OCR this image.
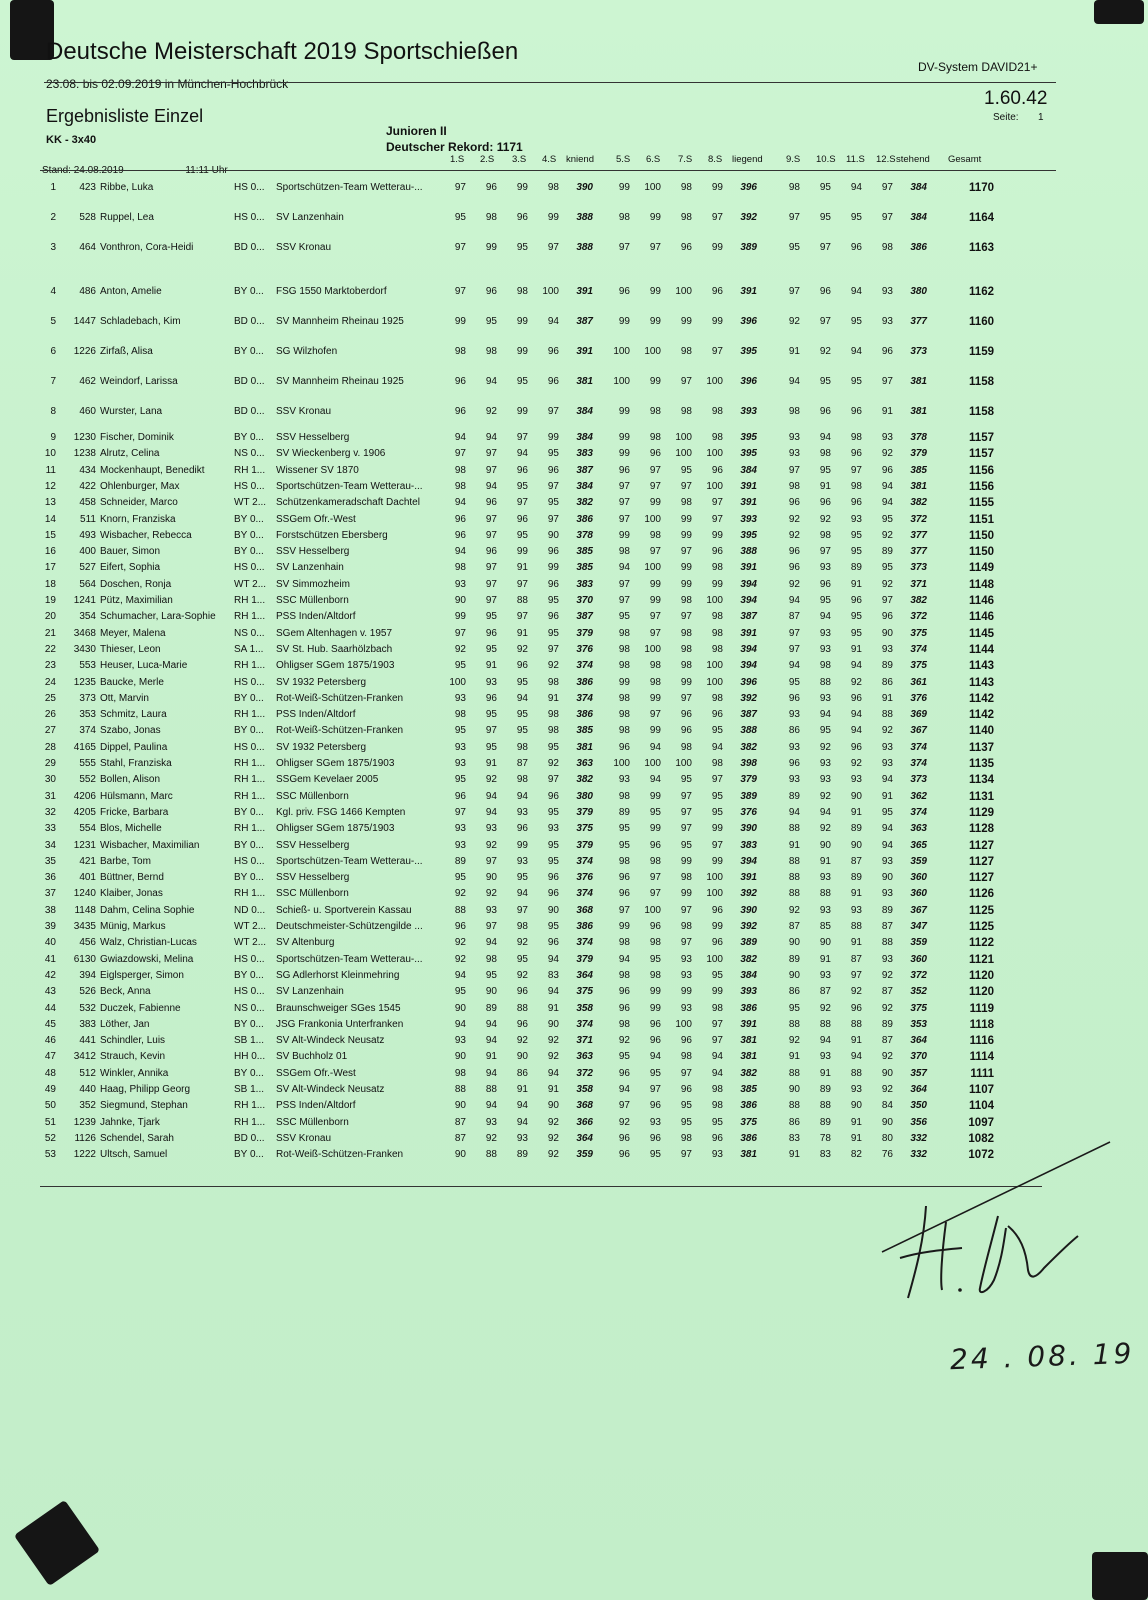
Deutsche Meisterschaft 2019 Sportschießen
23.08. bis 02.09.2019 in München-Hochbrück
DV-System DAVID21+
1.60.42
Seite: 1
Ergebnisliste Einzel
KK - 3x40
Junioren II
Deutscher Rekord: 1171
Stand: 24.08.2019	11:11 Uhr
1.S 2.S 3.S 4.S kniend 5.S 6.S 7.S 8.S liegend 9.S 10.S 11.S 12.S stehend Gesamt
1	423 Ribbe, Luka	HS 0... Sportschützen-Team Wetterau-...	97	96	99	98	390	99	100	98	99	396	98	95	94	97	384	1170
2	528 Ruppel, Lea	HS 0... SV Lanzenhain	95	98	96	99	388	98	99	98	97	392	97	95	95	97	384	1164
3	464 Vonthron, Cora-Heidi	BD 0... SSV Kronau	97	99	95	97	388	97	97	96	99	389	95	97	96	98	386	1163
4	486 Anton, Amelie	BY 0... FSG 1550 Marktoberdorf	97	96	98	100	391	96	99	100	96	391	97	96	94	93	380	1162
5	1447 Schladebach, Kim	BD 0... SV Mannheim Rheinau 1925	99	95	99	94	387	99	99	99	99	396	92	97	95	93	377	1160
6	1226 Zirfaß, Alisa	BY 0... SG Wilzhofen	98	98	99	96	391	100	100	98	97	395	91	92	94	96	373	1159
7	462 Weindorf, Larissa	BD 0... SV Mannheim Rheinau 1925	96	94	95	96	381	100	99	97	100	396	94	95	95	97	381	1158
8	460 Wurster, Lana	BD 0... SSV Kronau	96	92	99	97	384	99	98	98	98	393	98	96	96	91	381	1158
9	1230 Fischer, Dominik	BY 0... SSV Hesselberg	94	94	97	99	384	99	98	100	98	395	93	94	98	93	378	1157
10	1238 Alrutz, Celina	NS 0... SV Wieckenberg v. 1906	97	97	94	95	383	99	96	100	100	395	93	98	96	92	379	1157
11	434 Mockenhaupt, Benedikt	RH 1... Wissener SV 1870	98	97	96	96	387	96	97	95	96	384	97	95	97	96	385	1156
12	422 Ohlenburger, Max	HS 0... Sportschützen-Team Wetterau-...	98	94	95	97	384	97	97	97	100	391	98	91	98	94	381	1156
13	458 Schneider, Marco	WT 2... Schützenkameradschaft Dachtel	94	96	97	95	382	97	99	98	97	391	96	96	96	94	382	1155
14	511 Knorn, Franziska	BY 0... SSGem Ofr.-West	96	97	96	97	386	97	100	99	97	393	92	92	93	95	372	1151
15	493 Wisbacher, Rebecca	BY 0... Forstschützen Ebersberg	96	97	95	90	378	99	98	99	99	395	92	98	95	92	377	1150
16	400 Bauer, Simon	BY 0... SSV Hesselberg	94	96	99	96	385	98	97	97	96	388	96	97	95	89	377	1150
17	527 Eifert, Sophia	HS 0... SV Lanzenhain	98	97	91	99	385	94	100	99	98	391	96	93	89	95	373	1149
18	564 Doschen, Ronja	WT 2... SV Simmozheim	93	97	97	96	383	97	99	99	99	394	92	96	91	92	371	1148
19	1241 Pütz, Maximilian	RH 1... SSC Müllenborn	90	97	88	95	370	97	99	98	100	394	94	95	96	97	382	1146
20	354 Schumacher, Lara-Sophie RH 1... PSS Inden/Altdorf	99	95	97	96	387	95	97	97	98	387	87	94	95	96	372	1146
21	3468 Meyer, Malena	NS 0... SGem Altenhagen v. 1957	97	96	91	95	379	98	97	98	98	391	97	93	95	90	375	1145
22	3430 Thieser, Leon	SA 1... SV St. Hub. Saarhölzbach	92	95	92	97	376	98	100	98	98	394	97	93	91	93	374	1144
23	553 Heuser, Luca-Marie	RH 1... Ohligser SGem 1875/1903	95	91	96	92	374	98	98	98	100	394	94	98	94	89	375	1143
24	1235 Baucke, Merle	HS 0... SV 1932 Petersberg	100	93	95	98	386	99	98	99	100	396	95	88	92	86	361	1143
25	373 Ott, Marvin	BY 0... Rot-Weiß-Schützen-Franken	93	96	94	91	374	98	99	97	98	392	96	93	96	91	376	1142
26	353 Schmitz, Laura	RH 1... PSS Inden/Altdorf	98	95	95	98	386	98	97	96	96	387	93	94	94	88	369	1142
27	374 Szabo, Jonas	BY 0... Rot-Weiß-Schützen-Franken	95	97	95	98	385	98	99	96	95	388	86	95	94	92	367	1140
28	4165 Dippel, Paulina	HS 0... SV 1932 Petersberg	93	95	98	95	381	96	94	98	94	382	93	92	96	93	374	1137
29	555 Stahl, Franziska	RH 1... Ohligser SGem 1875/1903	93	91	87	92	363	100	100	100	98	398	96	93	92	93	374	1135
30	552 Bollen, Alison	RH 1... SSGem Kevelaer 2005	95	92	98	97	382	93	94	95	97	379	93	93	93	94	373	1134
31	4206 Hülsmann, Marc	RH 1... SSC Müllenborn	96	94	94	96	380	98	99	97	95	389	89	92	90	91	362	1131
32	4205 Fricke, Barbara	BY 0... Kgl. priv. FSG 1466 Kempten	97	94	93	95	379	89	95	97	95	376	94	94	91	95	374	1129
33	554 Blos, Michelle	RH 1... Ohligser SGem 1875/1903	93	93	96	93	375	95	99	97	99	390	88	92	89	94	363	1128
34	1231 Wisbacher, Maximilian	BY 0... SSV Hesselberg	93	92	99	95	379	95	96	95	97	383	91	90	90	94	365	1127
35	421 Barbe, Tom	HS 0... Sportschützen-Team Wetterau-...	89	97	93	95	374	98	98	99	99	394	88	91	87	93	359	1127
36	401 Büttner, Bernd	BY 0... SSV Hesselberg	95	90	95	96	376	96	97	98	100	391	88	93	89	90	360	1127
37	1240 Klaiber, Jonas	RH 1... SSC Müllenborn	92	92	94	96	374	96	97	99	100	392	88	88	91	93	360	1126
38	1148 Dahm, Celina Sophie	ND 0... Schieß- u. Sportverein Kassau	88	93	97	90	368	97	100	97	96	390	92	93	93	89	367	1125
39	3435 Münig, Markus	WT 2... Deutschmeister-Schützengilde ...	96	97	98	95	386	99	96	98	99	392	87	85	88	87	347	1125
40	456 Walz, Christian-Lucas	WT 2... SV Altenburg	92	94	92	96	374	98	98	97	96	389	90	90	91	88	359	1122
41	6130 Gwiazdowski, Melina	HS 0... Sportschützen-Team Wetterau-...	92	98	95	94	379	94	95	93	100	382	89	91	87	93	360	1121
42	394 Eiglsperger, Simon	BY 0... SG Adlerhorst Kleinmehring	94	95	92	83	364	98	98	93	95	384	90	93	97	92	372	1120
43	526 Beck, Anna	HS 0... SV Lanzenhain	95	90	96	94	375	96	99	99	99	393	86	87	92	87	352	1120
44	532 Duczek, Fabienne	NS 0... Braunschweiger SGes 1545	90	89	88	91	358	96	99	93	98	386	95	92	96	92	375	1119
45	383 Löther, Jan	BY 0... JSG Frankonia Unterfranken	94	94	96	90	374	98	96	100	97	391	88	88	88	89	353	1118
46	441 Schindler, Luis	SB 1... SV Alt-Windeck Neusatz	93	94	92	92	371	92	96	96	97	381	92	94	91	87	364	1116
47	3412 Strauch, Kevin	HH 0... SV Buchholz 01	90	91	90	92	363	95	94	98	94	381	91	93	94	92	370	1114
48	512 Winkler, Annika	BY 0... SSGem Ofr.-West	98	94	86	94	372	96	95	97	94	382	88	91	88	90	357	1111
49	440 Haag, Philipp Georg	SB 1... SV Alt-Windeck Neusatz	88	88	91	91	358	94	97	96	98	385	90	89	93	92	364	1107
50	352 Siegmund, Stephan	RH 1... PSS Inden/Altdorf	90	94	94	90	368	97	96	95	98	386	88	88	90	84	350	1104
51	1239 Jahnke, Tjark	RH 1... SSC Müllenborn	87	93	94	92	366	92	93	95	95	375	86	89	91	90	356	1097
52	1126 Schendel, Sarah	BD 0... SSV Kronau	87	92	93	92	364	96	96	98	96	386	83	78	91	80	332	1082
53	1222 Ultsch, Samuel	BY 0... Rot-Weiß-Schützen-Franken	90	88	89	92	359	96	95	97	93	381	91	83	82	76	332	1072
24 . 08. 19
